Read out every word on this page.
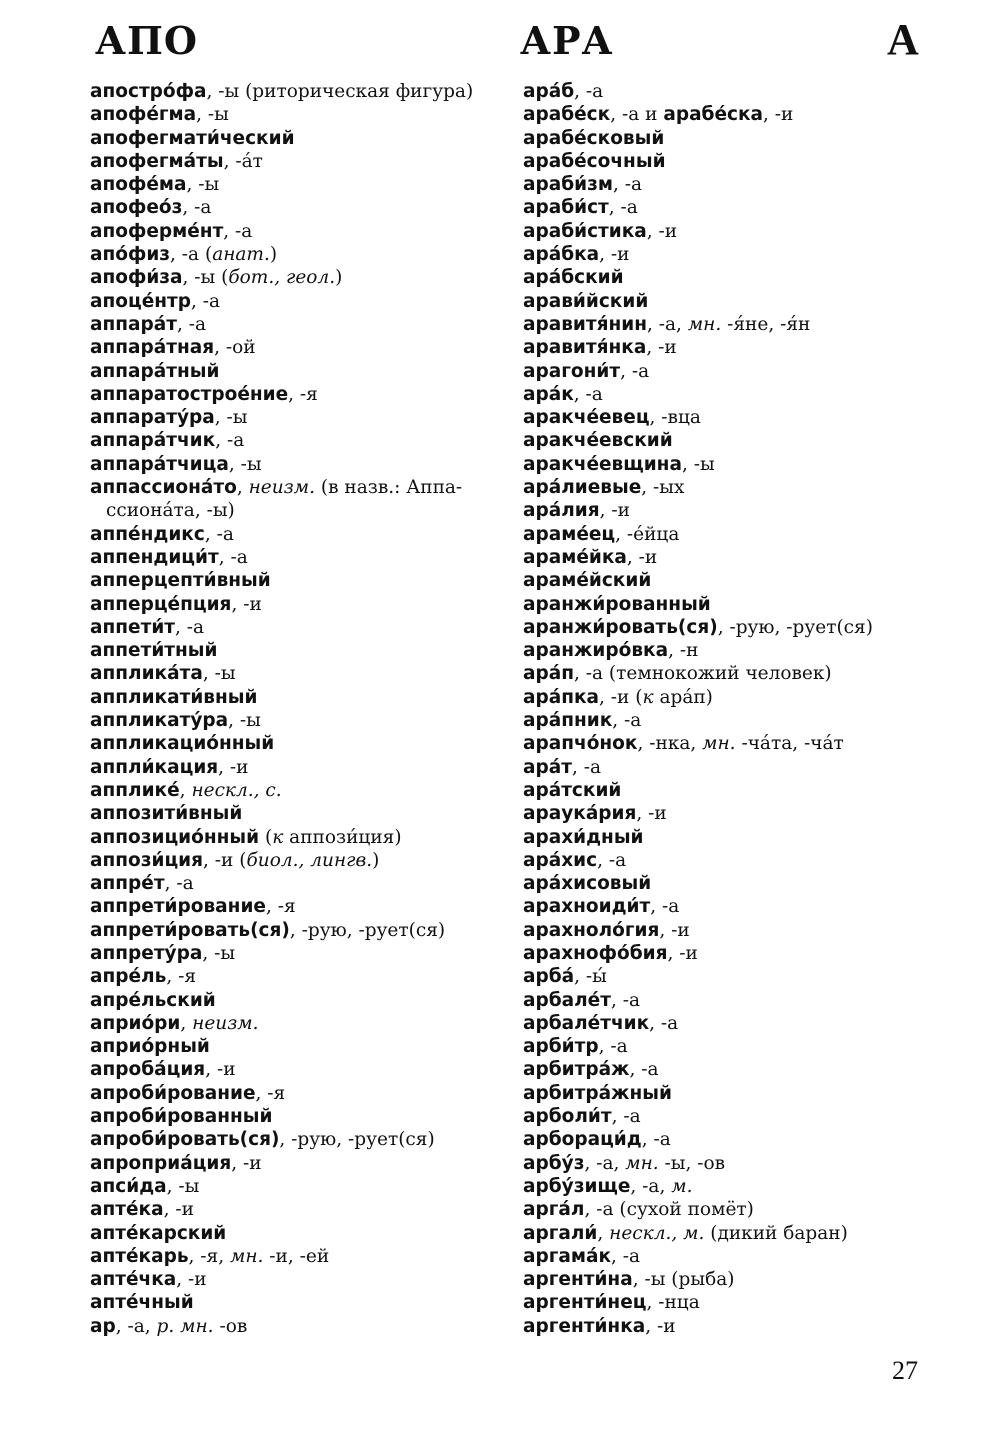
АПО	АРА	А
апостро́фа, -ы (риторическая фигура)
апофе́гма, -ы
апофегмати́ческий
апофегма́ты, -а́т
апофе́ма, -ы
апофео́з, -а
апоферме́нт, -а
апо́физ, -а (анат.)
апофи́за, -ы (бот., геол.)
апоце́нтр, -а
аппара́т, -а
аппара́тная, -ой
аппара́тный
аппаратострое́ние, -я
аппарату́ра, -ы
аппара́тчик, -а
аппара́тчица, -ы
аппассиона́то, неизм. (в назв.: Аппа-
ссиона́та, -ы)
аппе́ндикс, -а
аппендици́т, -а
апперцепти́вный
апперце́пция, -и
аппети́т, -а
аппети́тный
апплика́та, -ы
аппликати́вный
аппликату́ра, -ы
аппликацио́нный
аппли́кация, -и
апплике́, нескл., с.
аппозити́вный
аппозицио́нный (к аппози́ция)
аппози́ция, -и (биол., лингв.)
аппре́т, -а
аппрети́рование, -я
аппрети́ровать(ся), -рую, -рует(ся)
аппрету́ра, -ы
апре́ль, -я
апре́льский
априо́ри, неизм.
априо́рный
апроба́ция, -и
апроби́рование, -я
апроби́рованный
апроби́ровать(ся), -рую, -рует(ся)
апроприа́ция, -и
апси́да, -ы
апте́ка, -и
апте́карский
апте́карь, -я, мн. -и, -ей
апте́чка, -и
апте́чный
ар, -а, р. мн. -ов
ара́б, -а
арабе́ск, -а и арабе́ска, -и
арабе́сковый
арабе́сочный
араби́зм, -а
араби́ст, -а
араби́стика, -и
ара́бка, -и
ара́бский
арави́йский
аравитя́нин, -а, мн. -я́не, -я́н
аравитя́нка, -и
арагони́т, -а
ара́к, -а
аракче́евец, -вца
аракче́евский
аракче́евщина, -ы
ара́лиевые, -ых
ара́лия, -и
араме́ец, -е́йца
араме́йка, -и
араме́йский
аранжи́рованный
аранжи́ровать(ся), -рую, -рует(ся)
аранжиро́вка, -н
ара́п, -а (темнокожий человек)
ара́пка, -и (к ара́п)
ара́пник, -а
арапчо́нок, -нка, мн. -ча́та, -ча́т
ара́т, -а
ара́тский
араука́рия, -и
арахи́дный
ара́хис, -а
ара́хисовый
арахноиди́т, -а
арахноло́гия, -и
арахнофо́бия, -и
арба́, -ы́
арбале́т, -а
арбале́тчик, -а
арби́тр, -а
арбитра́ж, -а
арбитра́жный
арболи́т, -а
арбораци́д, -а
арбу́з, -а, мн. -ы, -ов
арбу́зище, -а, м.
арга́л, -а (сухой помёт)
аргали́, нескл., м. (дикий баран)
аргама́к, -а
аргенти́на, -ы (рыба)
аргенти́нец, -нца
аргенти́нка, -и
27
